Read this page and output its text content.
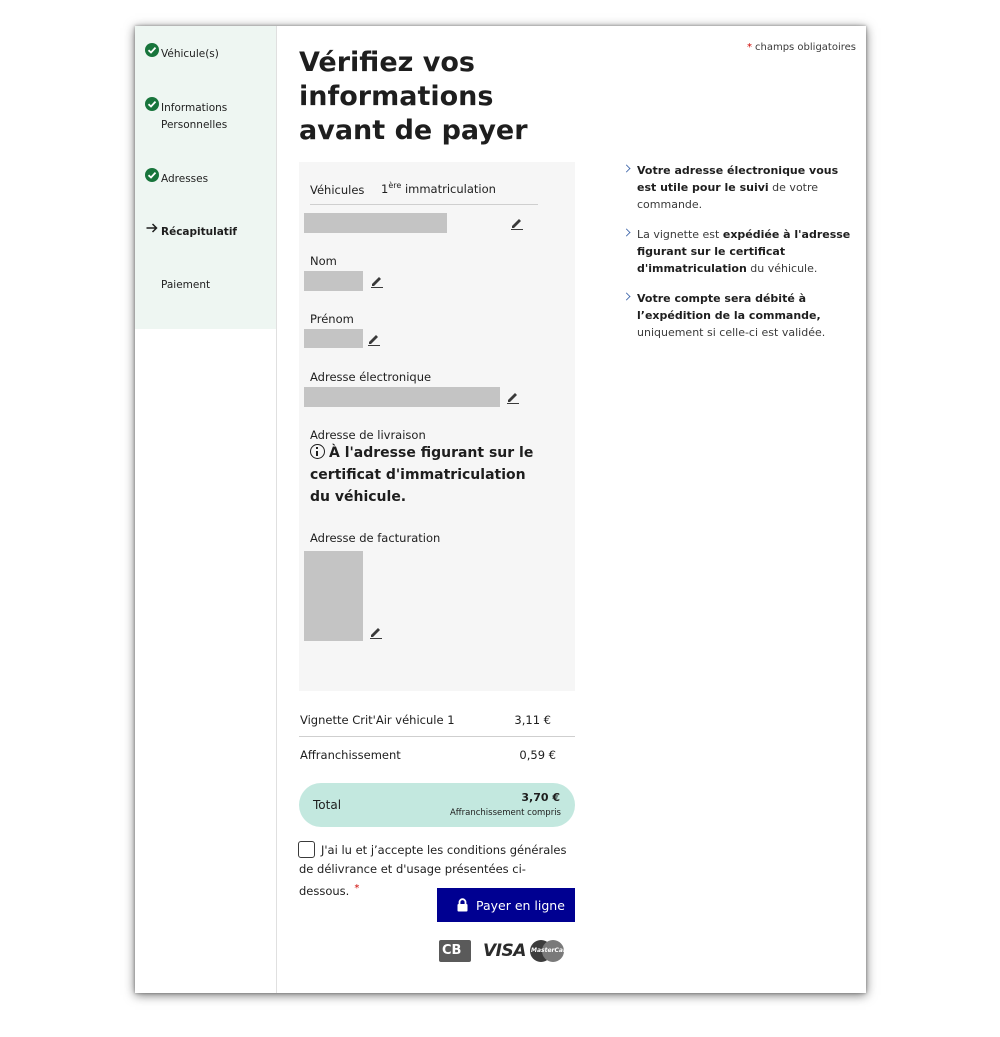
Véhicule(s)
Informations
Personnelles
Adresses
Récapitulatif
Paiement
* champs obligatoires
Vérifiez vos informations avant de payer
Véhicules 1ère immatriculation
Nom
Prénom
Adresse électronique
Adresse de livraison
À l'adresse figurant sur le certificat d'immatriculation du véhicule.
Adresse de facturation
Vignette Crit'Air véhicule 1	3,11 €
Affranchissement	0,59 €
Total
3,70 €
Affranchissement compris
J'ai lu et j’accepte les conditions générales de délivrance et d'usage présentées ci-dessous. *
Payer en ligne
CB VISA MasterCard
Votre adresse électronique vous est utile pour le suivi de votre commande.
La vignette est expédiée à l'adresse figurant sur le certificat d'immatriculation du véhicule.
Votre compte sera débité à l’expédition de la commande, uniquement si celle-ci est validée.
